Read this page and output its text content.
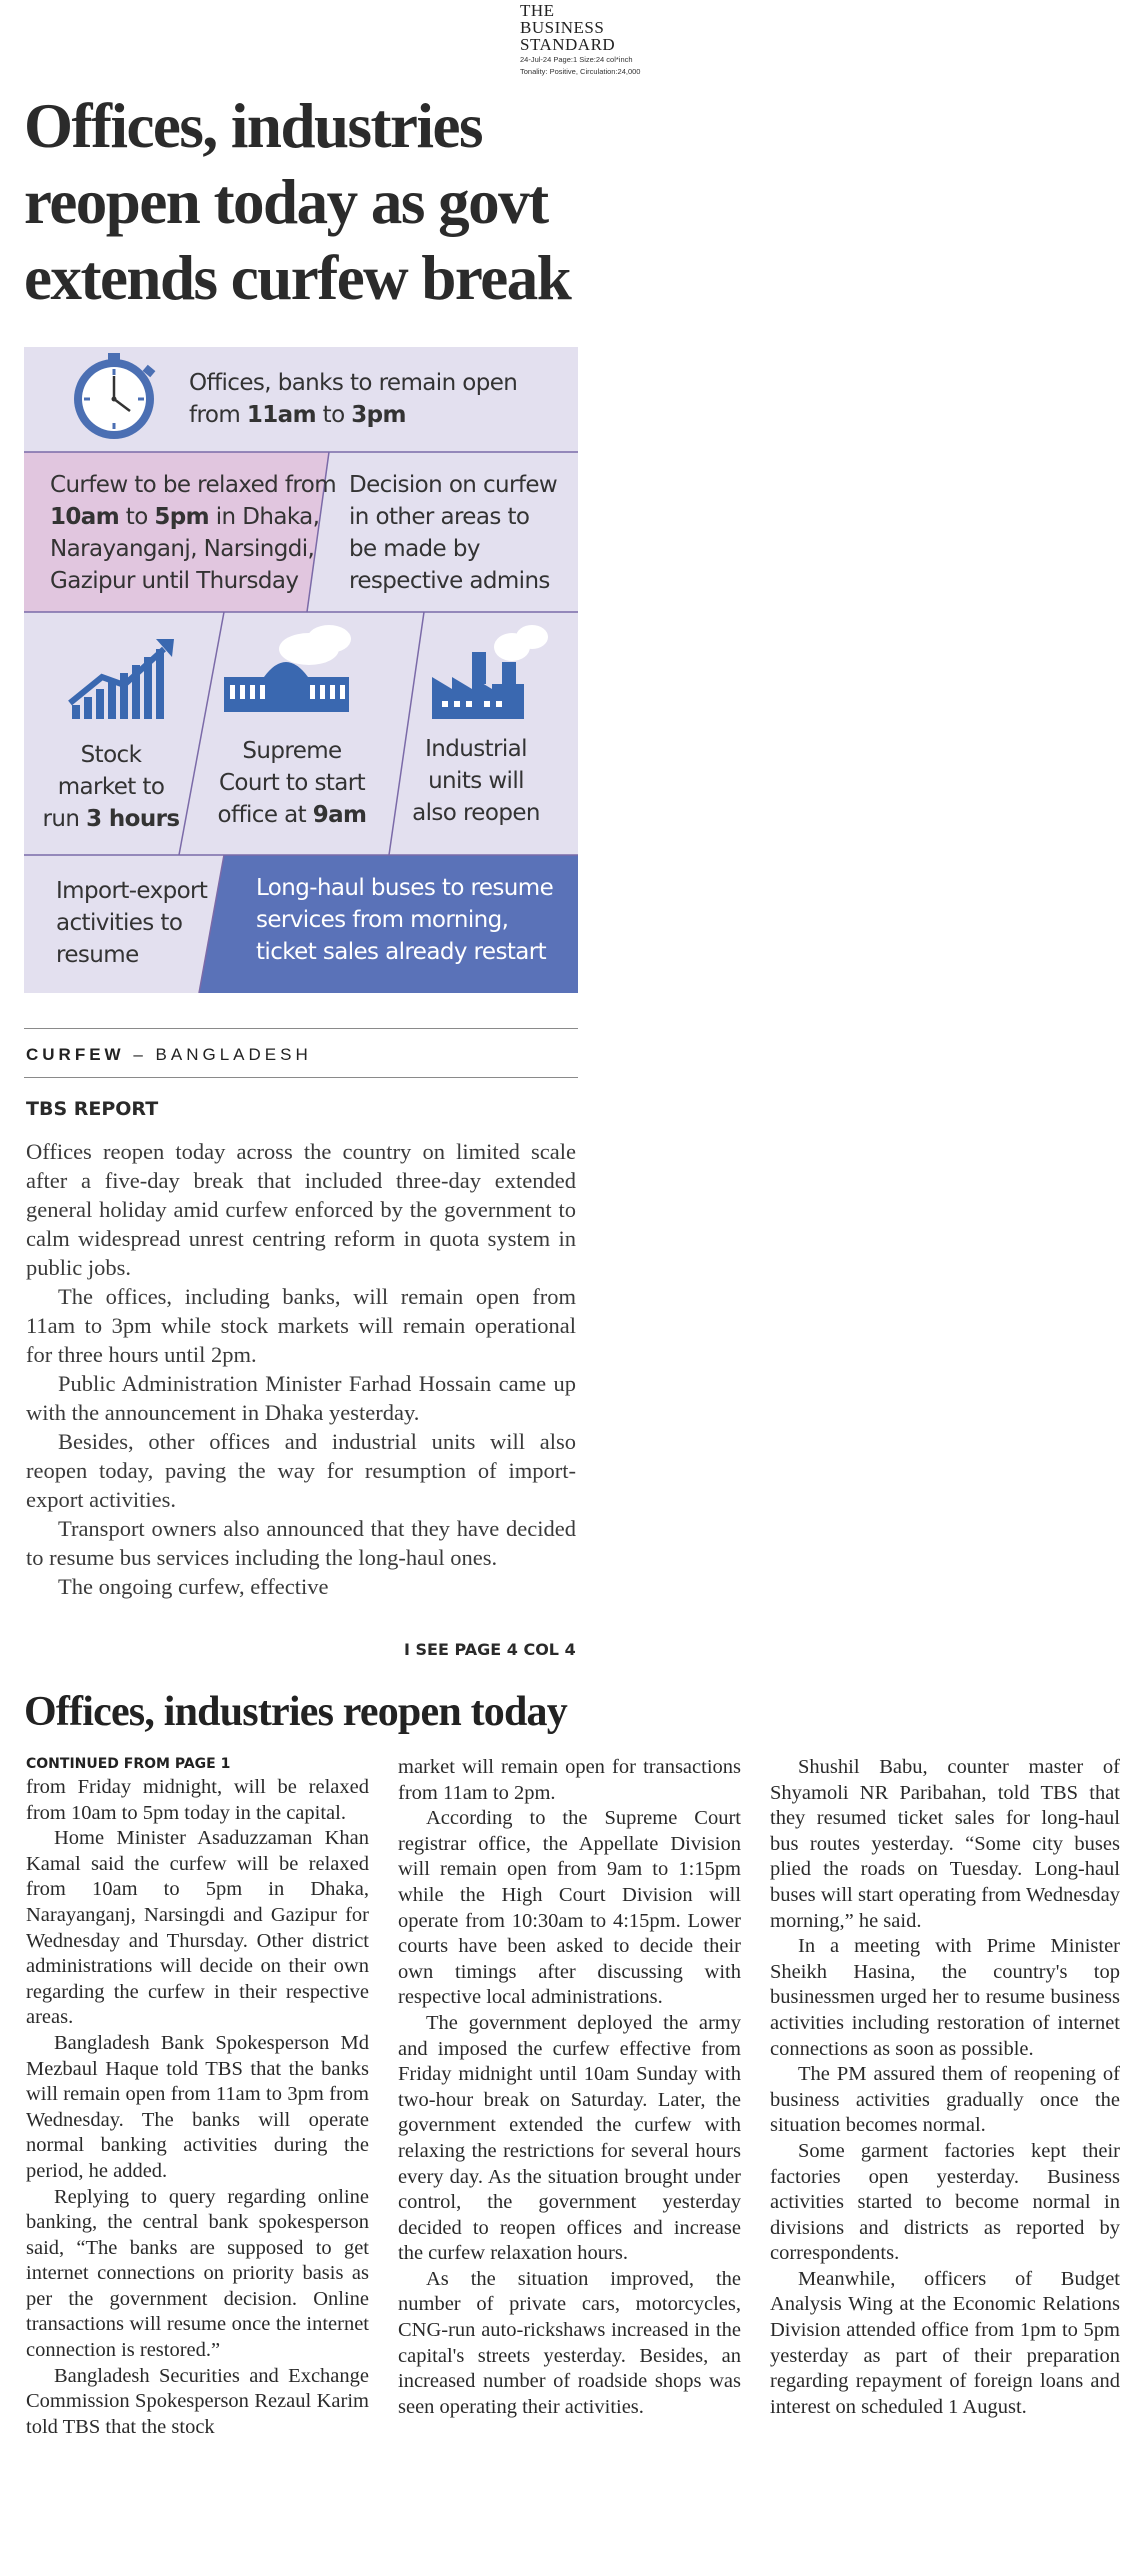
THE
BUSINESS
STANDARD
24-Jul-24 Page:1 Size:24 col*inch
Tonality: Positive, Circulation:24,000
Offices, industries
reopen today as govt
extends curfew break
Offices, banks to remain open
from 11am to 3pm
Curfew to be relaxed from
10am to 5pm in Dhaka,
Narayanganj, Narsingdi,
Gazipur until Thursday
Decision on curfew
in other areas to
be made by
respective admins
Stock
market to
run 3 hours
Supreme
Court to start
office at 9am
Industrial
units will
also reopen
Import-export
activities to
resume
Long-haul buses to resume
services from morning,
ticket sales already restart
CURFEW – BANGLADESH
TBS REPORT

Offices reopen today across the country on limited scale after a five-day break that included three-day extended general holiday amid curfew enforced by the government to calm widespread unrest centring reform in quota system in public jobs.

The offices, including banks, will remain open from 11am to 3pm while stock markets will remain operational for three hours until 2pm.

Public Administration Minister Farhad Hossain came up with the announcement in Dhaka yesterday.

Besides, other offices and industrial units will also reopen today, paving the way for resumption of import-export activities.

Transport owners also announced that they have decided to resume bus services including the long-haul ones.

The ongoing curfew, effective

I SEE PAGE 4 COL 4
Offices, industries reopen today
CONTINUED FROM PAGE 1

from Friday midnight, will be relaxed from 10am to 5pm today in the capital.

Home Minister Asaduzzaman Khan Kamal said the curfew will be relaxed from 10am to 5pm in Dhaka, Narayanganj, Narsingdi and Gazipur for Wednesday and Thursday. Other district administrations will decide on their own regarding the curfew in their respective areas.

Bangladesh Bank Spokesperson Md Mezbaul Haque told TBS that the banks will remain open from 11am to 3pm from Wednesday. The banks will operate normal banking activities during the period, he added.

Replying to query regarding online banking, the central bank spokesperson said, “The banks are supposed to get internet connections on priority basis as per the government decision. Online transactions will resume once the internet connection is restored.”

Bangladesh Securities and Exchange Commission Spokesperson Rezaul Karim told TBS that the stock

market will remain open for transactions from 11am to 2pm.

According to the Supreme Court registrar office, the Appellate Division will remain open from 9am to 1:15pm while the High Court Division will operate from 10:30am to 4:15pm. Lower courts have been asked to decide their own timings after discussing with respective local administrations.

The government deployed the army and imposed the curfew effective from Friday midnight until 10am Sunday with two-hour break on Saturday. Later, the government extended the curfew with relaxing the restrictions for several hours every day. As the situation brought under control, the government yesterday decided to reopen offices and increase the curfew relaxation hours.

As the situation improved, the number of private cars, motorcycles, CNG-run auto-rickshaws increased in the capital's streets yesterday. Besides, an increased number of roadside shops was seen operating their activities.

Shushil Babu, counter master of Shyamoli NR Paribahan, told TBS that they resumed ticket sales for long-haul bus routes yesterday. “Some city buses plied the roads on Tuesday. Long-haul buses will start operating from Wednesday morning,” he said.

In a meeting with Prime Minister Sheikh Hasina, the country's top businessmen urged her to resume business activities including restoration of internet connections as soon as possible.

The PM assured them of reopening of business activities gradually once the situation becomes normal.

Some garment factories kept their factories open yesterday. Business activities started to become normal in divisions and districts as reported by correspondents.

Meanwhile, officers of Budget Analysis Wing at the Economic Relations Division attended office from 1pm to 5pm yesterday as part of their preparation regarding repayment of foreign loans and interest on scheduled 1 August.
